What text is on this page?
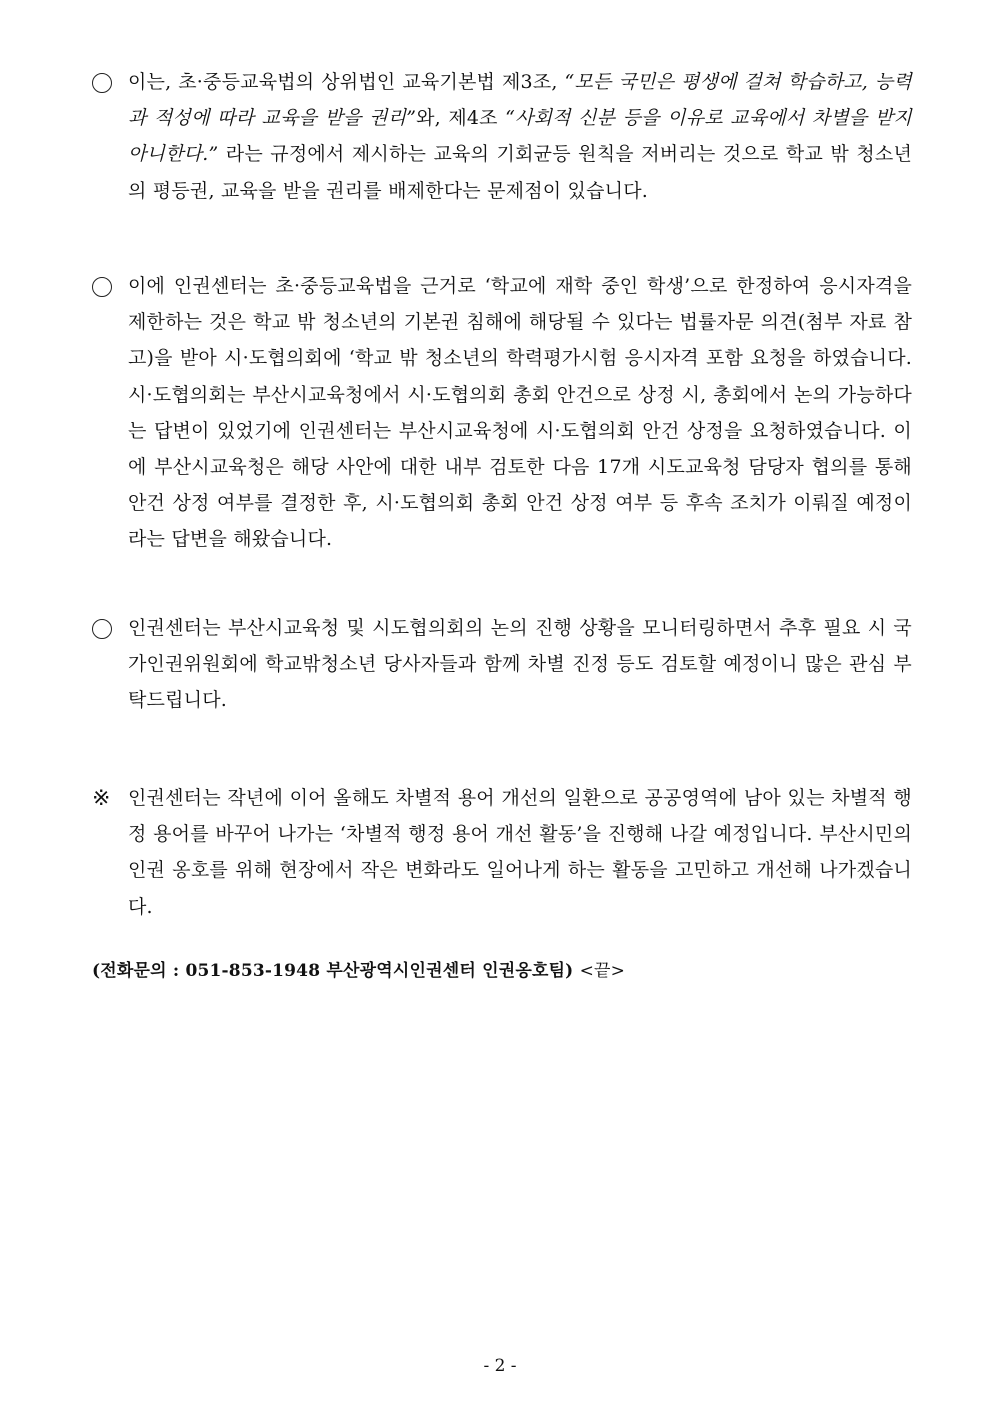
이는, 초·중등교육법의 상위법인 교육기본법 제3조, “모든 국민은 평생에 걸쳐 학습하고, 능력과 적성에 따라 교육을 받을 권리”와, 제4조 “사회적 신분 등을 이유로 교육에서 차별을 받지 아니한다.” 라는 규정에서 제시하는 교육의 기회균등 원칙을 저버리는 것으로 학교 밖 청소년의 평등권, 교육을 받을 권리를 배제한다는 문제점이 있습니다.
이에 인권센터는 초·중등교육법을 근거로 ‘학교에 재학 중인 학생’으로 한정하여 응시자격을 제한하는 것은 학교 밖 청소년의 기본권 침해에 해당될 수 있다는 법률자문 의견(첨부 자료 참고)을 받아 시·도협의회에 ‘학교 밖 청소년의 학력평가시험 응시자격 포함 요청을 하였습니다. 시·도협의회는 부산시교육청에서 시·도협의회 총회 안건으로 상정 시, 총회에서 논의 가능하다는 답변이 있었기에 인권센터는 부산시교육청에 시·도협의회 안건 상정을 요청하였습니다. 이에 부산시교육청은 해당 사안에 대한 내부 검토한 다음 17개 시도교육청 담당자 협의를 통해 안건 상정 여부를 결정한 후, 시·도협의회 총회 안건 상정 여부 등 후속 조치가 이뤄질 예정이라는 답변을 해왔습니다.
인권센터는 부산시교육청 및 시도협의회의 논의 진행 상황을 모니터링하면서 추후 필요 시 국가인권위원회에 학교밖청소년 당사자들과 함께 차별 진정 등도 검토할 예정이니 많은 관심 부탁드립니다.
※ 인권센터는 작년에 이어 올해도 차별적 용어 개선의 일환으로 공공영역에 남아 있는 차별적 행정 용어를 바꾸어 나가는 ‘차별적 행정 용어 개선 활동’을 진행해 나갈 예정입니다. 부산시민의 인권 옹호를 위해 현장에서 작은 변화라도 일어나게 하는 활동을 고민하고 개선해 나가겠습니다.
(전화문의 : 051-853-1948 부산광역시인권센터 인권옹호팀) <끝>
- 2 -
